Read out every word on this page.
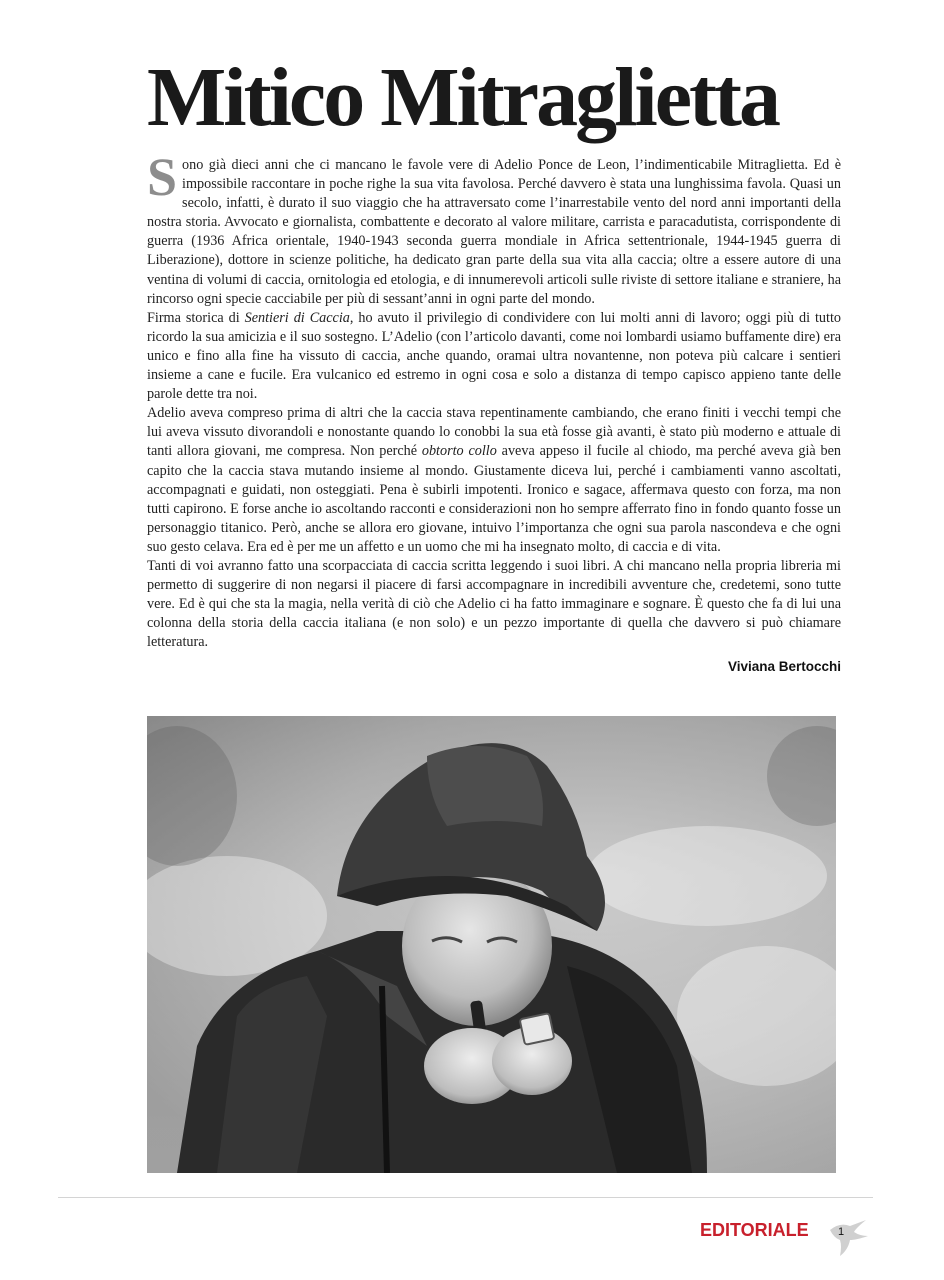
Mitico Mitraglietta

Sono già dieci anni che ci mancano le favole vere di Adelio Ponce de Leon, l’indimenticabile Mitraglietta. Ed è impossibile raccontare in poche righe la sua vita favolosa. Perché davvero è stata una lunghissima favola. Quasi un secolo, infatti, è durato il suo viaggio che ha attraversato come l’inarrestabile vento del nord anni importanti della nostra storia. Avvocato e giornalista, combattente e decorato al valore militare, carrista e paracadutista, corrispondente di guerra (1936 Africa orientale, 1940-1943 seconda guerra mondiale in Africa settentrionale, 1944-1945 guerra di Liberazione), dottore in scienze politiche, ha dedicato gran parte della sua vita alla caccia; oltre a essere autore di una ventina di volumi di caccia, ornitologia ed etologia, e di innumerevoli articoli sulle riviste di settore italiane e straniere, ha rincorso ogni specie cacciabile per più di sessant’anni in ogni parte del mondo.

Firma storica di Sentieri di Caccia, ho avuto il privilegio di condividere con lui molti anni di lavoro; oggi più di tutto ricordo la sua amicizia e il suo sostegno. L’Adelio (con l’articolo davanti, come noi lombardi usiamo buffamente dire) era unico e fino alla fine ha vissuto di caccia, anche quando, oramai ultra novantenne, non poteva più calcare i sentieri insieme a cane e fucile. Era vulcanico ed estremo in ogni cosa e solo a distanza di tempo capisco appieno tante delle parole dette tra noi.

Adelio aveva compreso prima di altri che la caccia stava repentinamente cambiando, che erano finiti i vecchi tempi che lui aveva vissuto divorandoli e nonostante quando lo conobbi la sua età fosse già avanti, è stato più moderno e attuale di tanti allora giovani, me compresa. Non perché obtorto collo aveva appeso il fucile al chiodo, ma perché aveva già ben capito che la caccia stava mutando insieme al mondo. Giustamente diceva lui, perché i cambiamenti vanno ascoltati, accompagnati e guidati, non osteggiati. Pena è subirli impotenti. Ironico e sagace, affermava questo con forza, ma non tutti capirono. E forse anche io ascoltando racconti e considerazioni non ho sempre afferrato fino in fondo quanto fosse un personaggio titanico. Però, anche se allora ero giovane, intuivo l’importanza che ogni sua parola nascondeva e che ogni suo gesto celava. Era ed è per me un affetto e un uomo che mi ha insegnato molto, di caccia e di vita.

Tanti di voi avranno fatto una scorpacciata di caccia scritta leggendo i suoi libri. A chi mancano nella propria libreria mi permetto di suggerire di non negarsi il piacere di farsi accompagnare in incredibili avventure che, credetemi, sono tutte vere. Ed è qui che sta la magia, nella verità di ciò che Adelio ci ha fatto immaginare e sognare. È questo che fa di lui una colonna della storia della caccia italiana (e non solo) e un pezzo importante di quella che davvero si può chiamare letteratura.

Viviana Bertocchi
EDITORIALE	1
